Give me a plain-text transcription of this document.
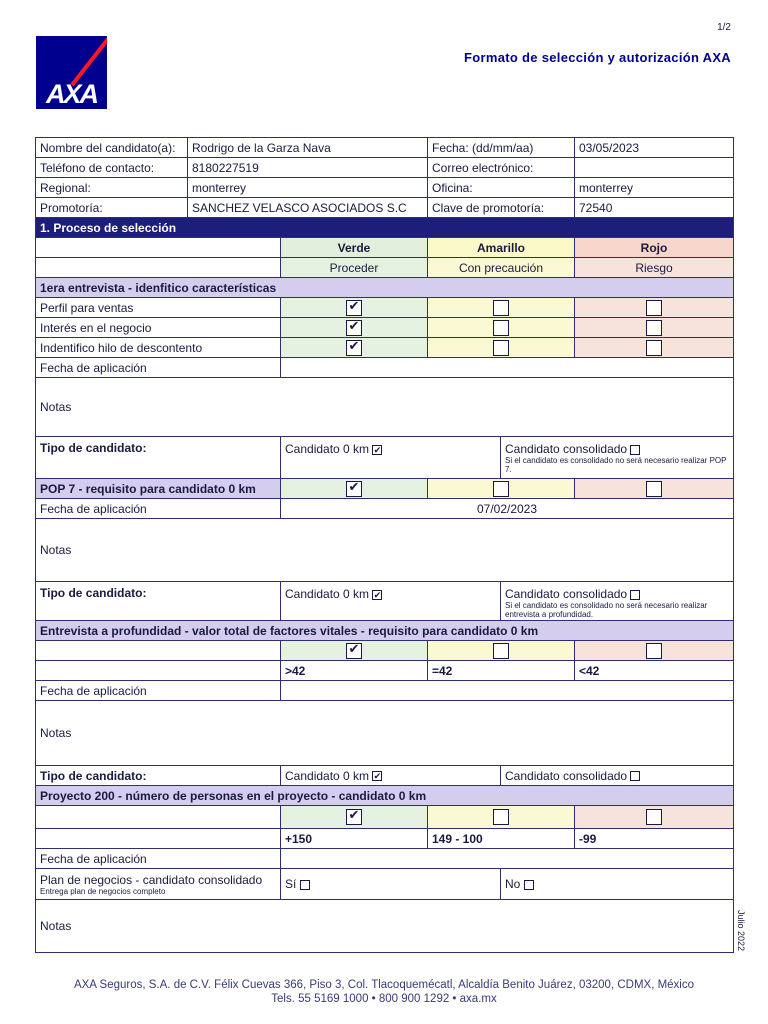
1/2
Formato de selección y autorización AXA
AXA
Nombre del candidato(a):	Rodrigo de la Garza Nava		Fecha: (dd/mm/aa)		03/05/2023
Teléfono de contacto:	8180227519		Correo electrónico:		
Regional:	monterrey		Oficina:		monterrey
Promotoría:	SANCHEZ VELASCO ASOCIADOS S.C		Clave de promotoría:		72540
1. Proceso de selección					
		Verde	Amarillo		Rojo
		Proceder	Con precaución		Riesgo
1era entrevista - idenfitico características					
Perfil para ventas		✔			

Interés en el negocio		✔			

Indentifico hilo de descontento		✔			

Fecha de aplicación					
Notas					
Tipo de candidato:		Candidato 0 km ✔		Candidato consolidado
Si el candidato es consolidado no será necesario realizar POP 7.	

POP 7 - requisito para candidato 0 km		✔			

Fecha de aplicación		07/02/2023			
Notas					
Tipo de candidato:		Candidato 0 km ✔		Candidato consolidado
Si el candidato es consolidado no será necesario realizar entrevista a profundidad.	

Entrevista a profundidad - valor total de factores vitales - requisito para candidato 0 km					

		✔			

		>42	=42		<42
Fecha de aplicación					
Notas					
Tipo de candidato:		Candidato 0 km ✔		Candidato consolidado	
Proyecto 200 - número de personas en el proyecto - candidato 0 km					

		✔			

		+150	149 - 100		-99
Fecha de aplicación					

Plan de negocios - candidato consolidado
Entrega plan de negocios completo		Sí		No	
Notas						Julio 2022
AXA Seguros, S.A. de C.V. Félix Cuevas 366, Piso 3, Col. Tlacoquemécatl, Alcaldía Benito Juárez, 03200, CDMX, México
Tels. 55 5169 1000 • 800 900 1292 • axa.mx
